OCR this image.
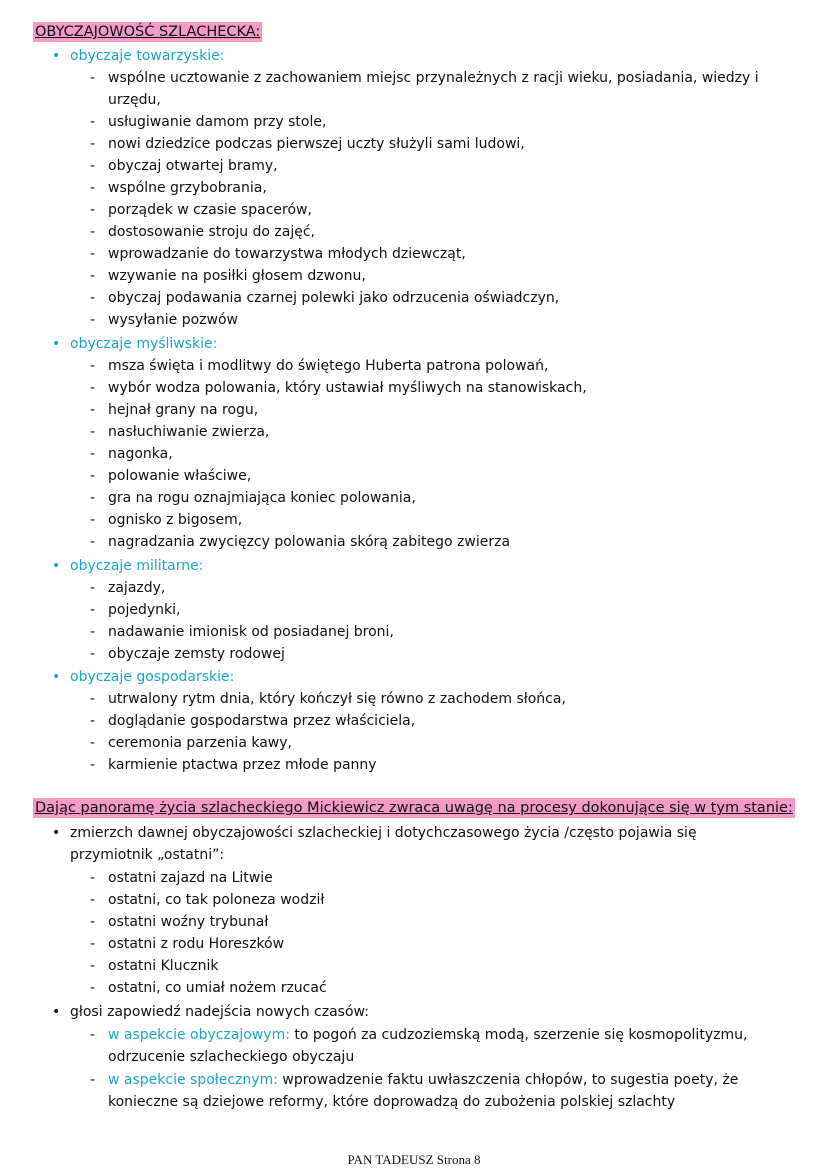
OBYCZAJOWOŚĆ SZLACHECKA:
• obyczaje towarzyskie:
- wspólne ucztowanie z zachowaniem miejsc przynależnych z racji wieku, posiadania, wiedzy i urzędu,
- usługiwanie damom przy stole,
- nowi dziedzice podczas pierwszej uczty służyli sami ludowi,
- obyczaj otwartej bramy,
- wspólne grzybobrania,
- porządek w czasie spacerów,
- dostosowanie stroju do zajęć,
- wprowadzanie do towarzystwa młodych dziewcząt,
- wzywanie na posiłki głosem dzwonu,
- obyczaj podawania czarnej polewki jako odrzucenia oświadczyn,
- wysyłanie pozwów
• obyczaje myśliwskie:
- msza święta i modlitwy do świętego Huberta patrona polowań,
- wybór wodza polowania, który ustawiał myśliwych na stanowiskach,
- hejnał grany na rogu,
- nasłuchiwanie zwierza,
- nagonka,
- polowanie właściwe,
- gra na rogu oznajmiająca koniec polowania,
- ognisko z bigosem,
- nagradzania zwycięzcy polowania skórą zabitego zwierza
• obyczaje militarne:
- zajazdy,
- pojedynki,
- nadawanie imionisk od posiadanej broni,
- obyczaje zemsty rodowej
• obyczaje gospodarskie:
- utrwalony rytm dnia, który kończył się równo z zachodem słońca,
- doglądanie gospodarstwa przez właściciela,
- ceremonia parzenia kawy,
- karmienie ptactwa przez młode panny
Dając panoramę życia szlacheckiego Mickiewicz zwraca uwagę na procesy dokonujące się w tym stanie:
• zmierzch dawnej obyczajowości szlacheckiej i dotychczasowego życia /często pojawia się
przymiotnik „ostatni”:
- ostatni zajazd na Litwie
- ostatni, co tak poloneza wodził
- ostatni woźny trybunał
- ostatni z rodu Horeszków
- ostatni Klucznik
- ostatni, co umiał nożem rzucać
• głosi zapowiedź nadejścia nowych czasów:
- w aspekcie obyczajowym: to pogoń za cudzoziemską modą, szerzenie się kosmopolityzmu, odrzucenie szlacheckiego obyczaju
- w aspekcie społecznym: wprowadzenie faktu uwłaszczenia chłopów, to sugestia poety, że konieczne są dziejowe reformy, które doprowadzą do zubożenia polskiej szlachty
PAN TADEUSZ Strona 8
